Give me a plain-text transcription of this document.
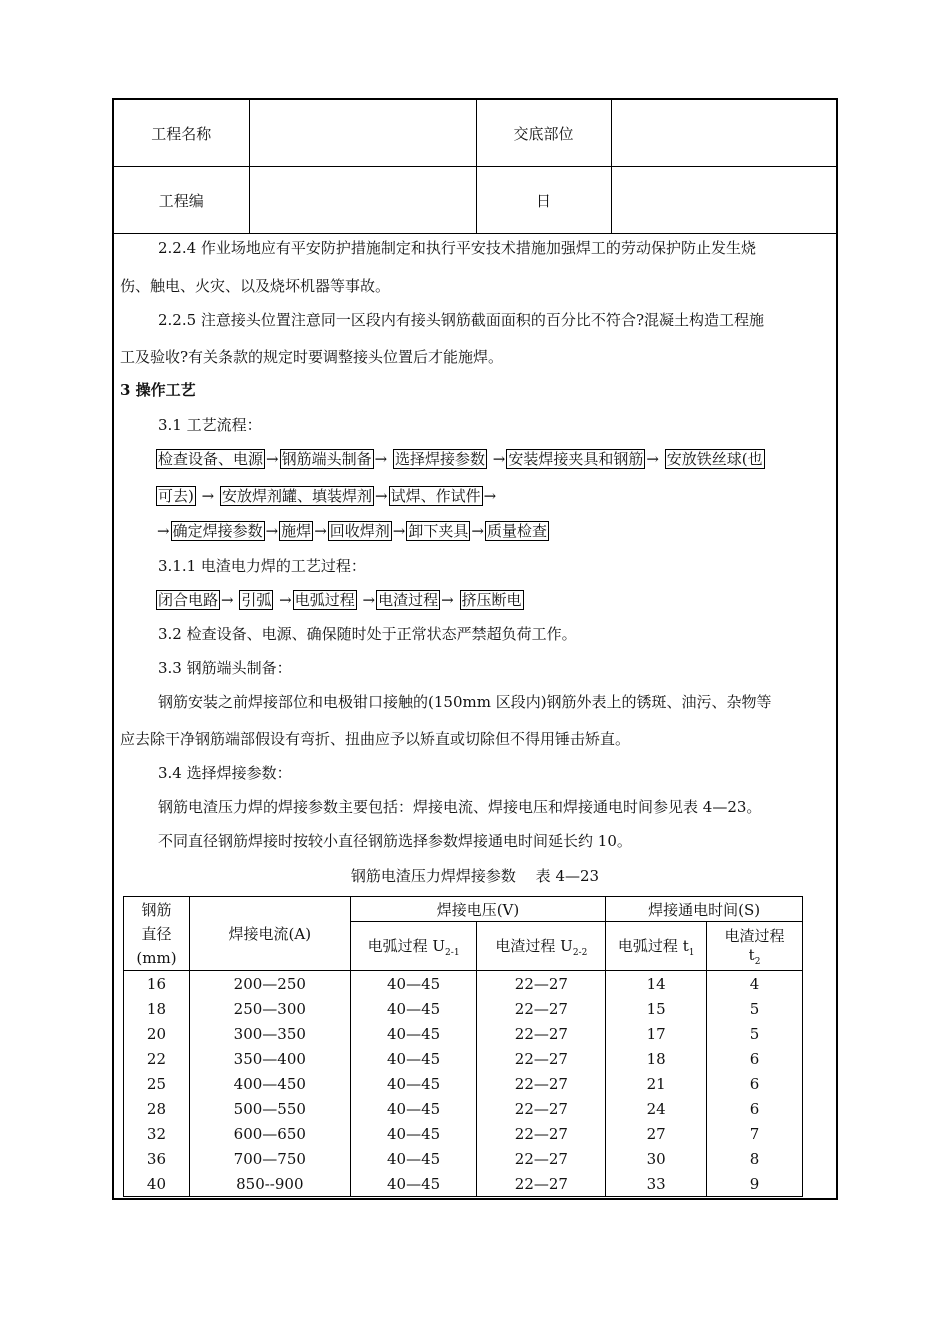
工程名称		交底部位	
工程编		日	
2.2.4 作业场地应有平安防护措施制定和执行平安技术措施加强焊工的劳动保护防止发生烧
伤、触电、火灾、以及烧坏机器等事故。
2.2.5 注意接头位置注意同一区段内有接头钢筋截面面积的百分比不符合?混凝土构造工程施
工及验收?有关条款的规定时要调整接头位置后才能施焊。
3 操作工艺
3.1 工艺流程：
检查设备、电源 → 钢筋端头制备 → 选择焊接参数 → 安装焊接夹具和钢筋 → 安放铁丝球(也
可去) → 安放焊剂罐、填装焊剂 → 试焊、作试件 →
→ 确定焊接参数 → 施焊 → 回收焊剂 → 卸下夹具 → 质量检查
3.1.1 电渣电力焊的工艺过程：
闭合电路 → 引弧 → 电弧过程 → 电渣过程 → 挤压断电
3.2 检查设备、电源、确保随时处于正常状态严禁超负荷工作。
3.3 钢筋端头制备：
钢筋安装之前焊接部位和电极钳口接触的(150mm 区段内)钢筋外表上的锈斑、油污、杂物等
应去除干净钢筋端部假设有弯折、扭曲应予以矫直或切除但不得用锤击矫直。
3.4 选择焊接参数：
钢筋电渣压力焊的焊接参数主要包括：焊接电流、焊接电压和焊接通电时间参见表 4—23。
不同直径钢筋焊接时按较小直径钢筋选择参数焊接通电时间延长约 10。
钢筋电渣压力焊焊接参数　 表 4—23
钢筋
直径
(mm)	焊接电流(A)	焊接电压(V)		焊接通电时间(S)	
		电弧过程 $U_{2-1}$	电渣过程 $U_{2-2}$	电弧过程 $t_1$	电渣过程
$t_2$
16	200—250	40—45	22—27	14	4
18	250—300	40—45	22—27	15	5
20	300—350	40—45	22—27	17	5
22	350—400	40—45	22—27	18	6
25	400—450	40—45	22—27	21	6
28	500—550	40—45	22—27	24	6
32	600—650	40—45	22—27	27	7
36	700—750	40—45	22—27	30	8
40	850--900	40—45	22—27	33	9
